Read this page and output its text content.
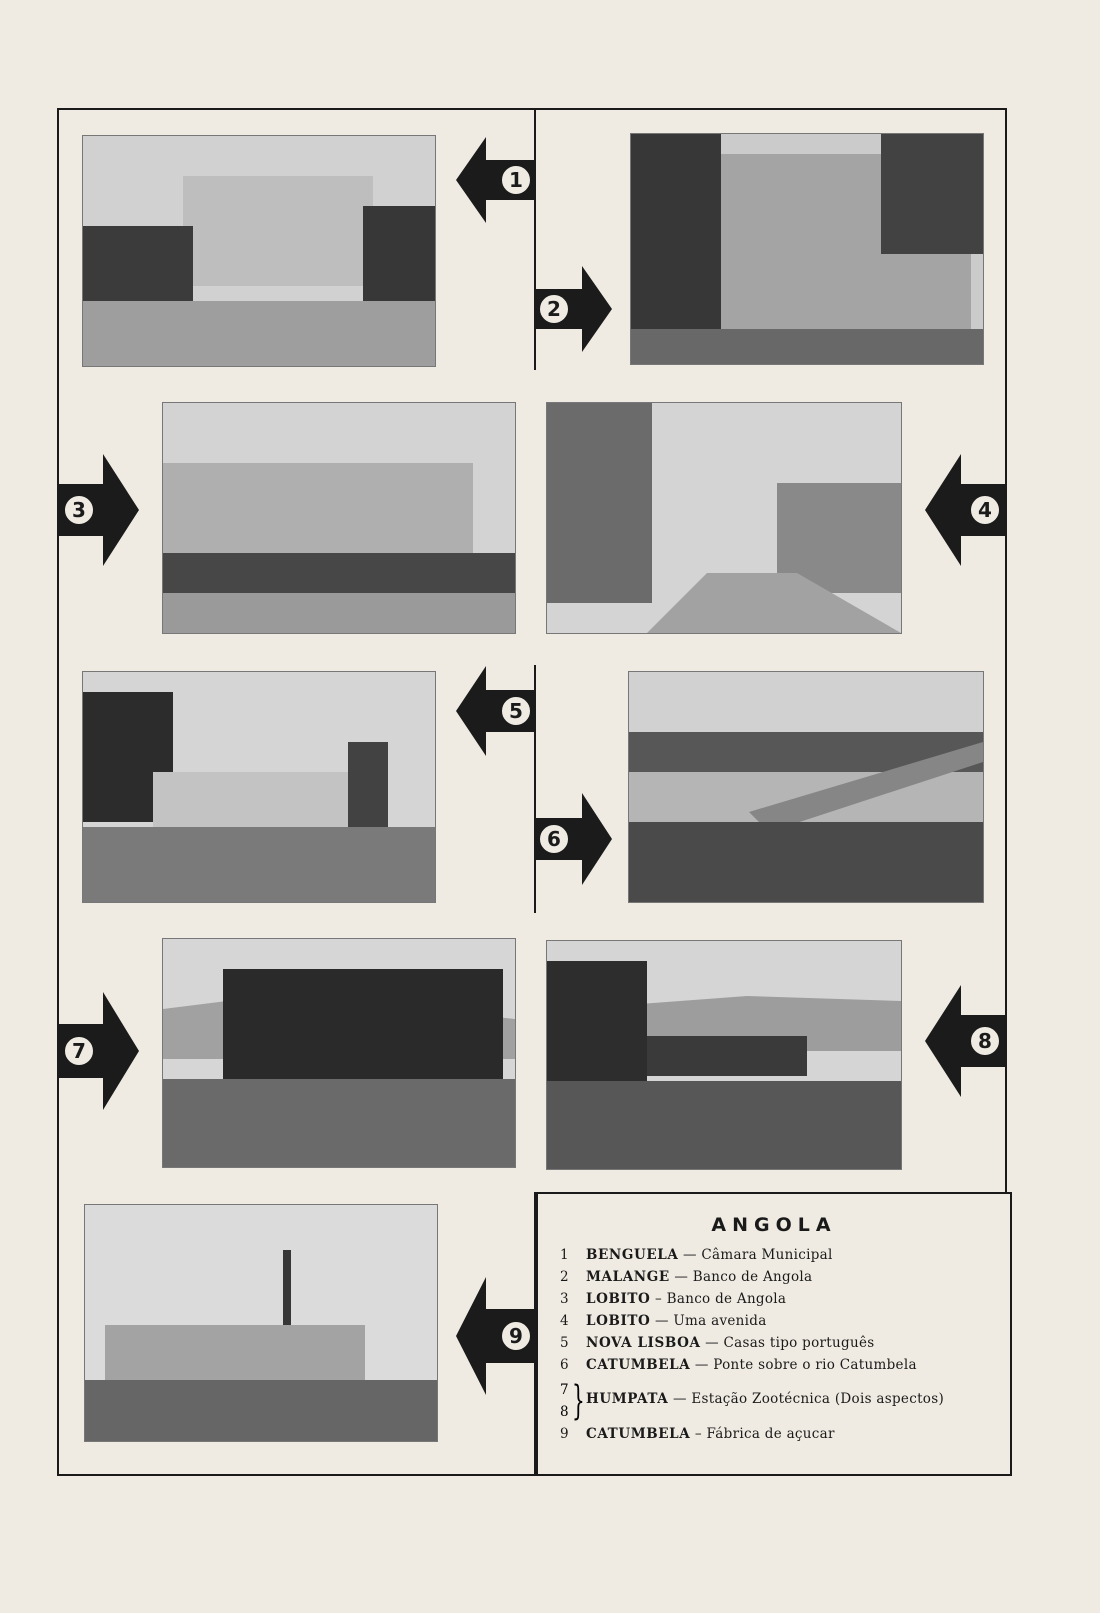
1
2
3	4
5
6
7	8
9
ANGOLA
1 BENGUELA — Câmara Municipal
2 MALANGE — Banco de Angola
3 LOBITO – Banco de Angola
4 LOBITO — Uma avenida
5 NOVA LISBOA — Casas tipo português
6 CATUMBELA — Ponte sobre o rio Catumbela
7
8 } HUMPATA — Estação Zootécnica (Dois aspectos)
9 CATUMBELA – Fábrica de açucar
